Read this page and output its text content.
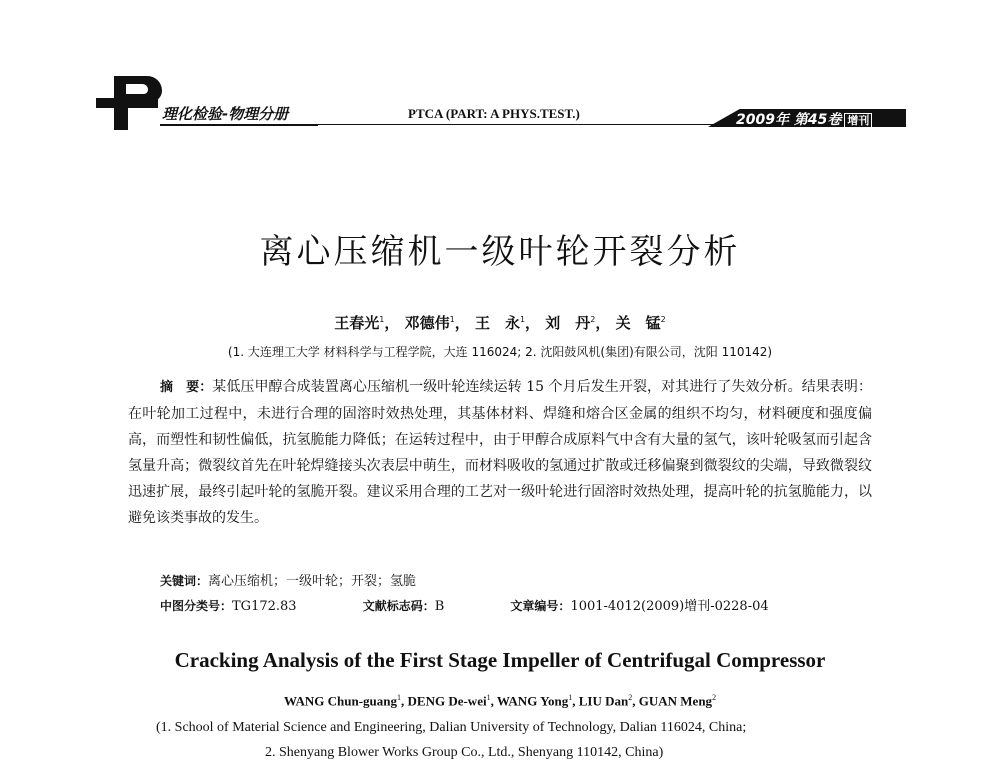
理化检验-物理分册	PTCA (PART: A PHYS.TEST.)	2009年 第45卷 增刊
离心压缩机一级叶轮开裂分析
王春光$^1$， 邓德伟$^1$， 王　永$^1$， 刘　丹$^2$， 关　锰$^2$
(1. 大连理工大学 材料科学与工程学院，大连 116024; 2. 沈阳鼓风机(集团)有限公司，沈阳 110142)
摘　要：某低压甲醇合成装置离心压缩机一级叶轮连续运转 15 个月后发生开裂，对其进行了失效分析。结果表明：在叶轮加工过程中，未进行合理的固溶时效热处理，其基体材料、焊缝和熔合区金属的组织不均匀，材料硬度和强度偏高，而塑性和韧性偏低，抗氢脆能力降低；在运转过程中，由于甲醇合成原料气中含有大量的氢气，该叶轮吸氢而引起含氢量升高；微裂纹首先在叶轮焊缝接头次表层中萌生，而材料吸收的氢通过扩散或迁移偏聚到微裂纹的尖端，导致微裂纹迅速扩展，最终引起叶轮的氢脆开裂。建议采用合理的工艺对一级叶轮进行固溶时效热处理，提高叶轮的抗氢脆能力，以避免该类事故的发生。
关键词：离心压缩机；一级叶轮；开裂；氢脆
中图分类号：TG172.83	文献标志码：B	文章编号：1001-4012(2009)增刊-0228-04
Cracking Analysis of the First Stage Impeller of Centrifugal Compressor
WANG Chun-guang$^1$, DENG De-wei$^1$, WANG Yong$^1$, LIU Dan$^2$, GUAN Meng$^2$
(1. School of Material Science and Engineering, Dalian University of Technology, Dalian 116024, China;
2. Shenyang Blower Works Group Co., Ltd., Shenyang 110142, China)
